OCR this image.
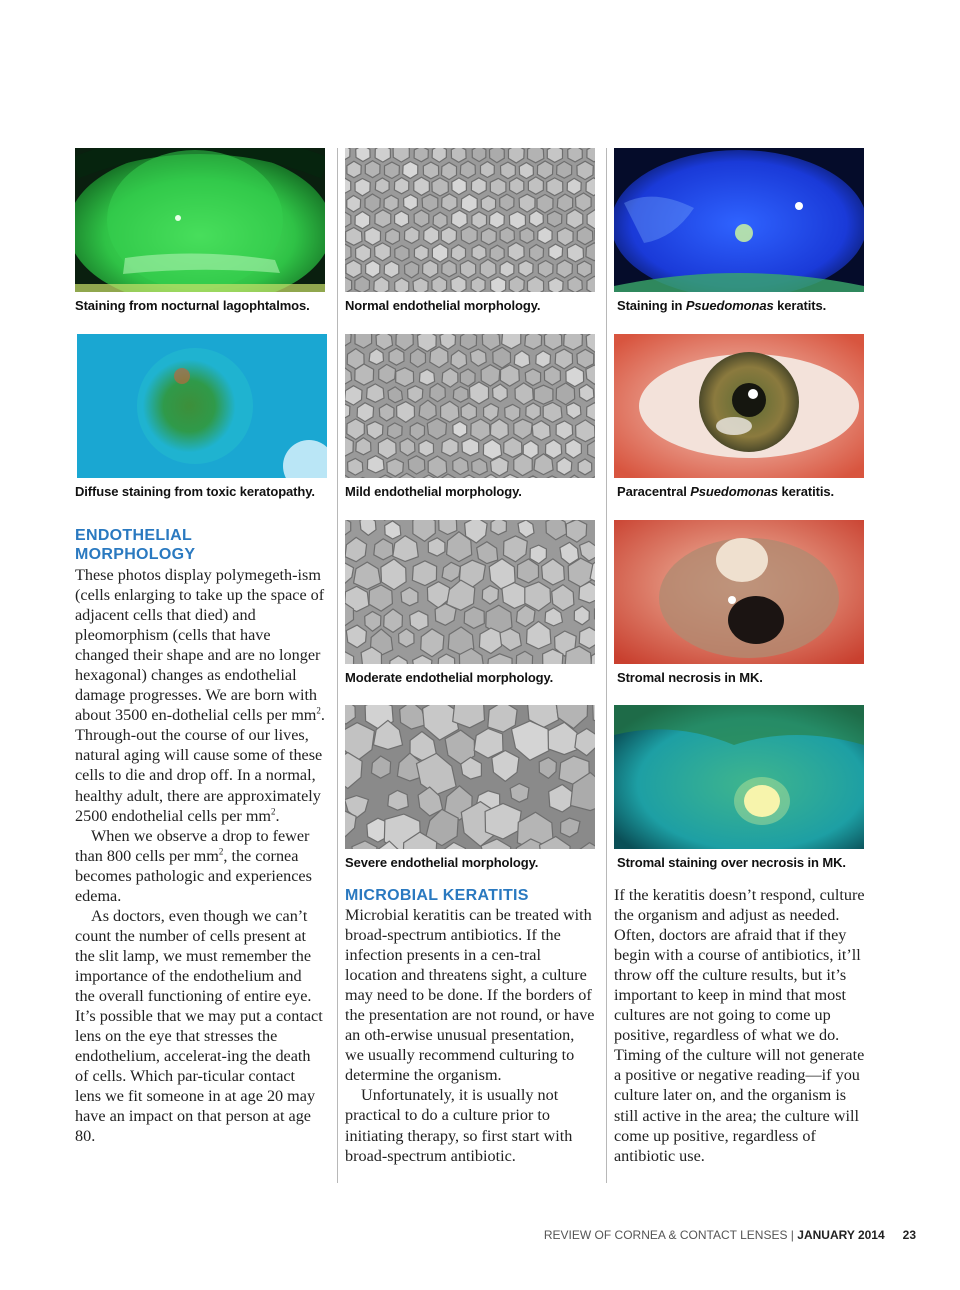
Staining from nocturnal lagophtalmos.	Normal endothelial morphology.	Staining in Psuedomonas keratits.
Diffuse staining from toxic keratopathy. Mild endothelial morphology.	Paracentral Psuedomonas keratitis.
Moderate endothelial morphology.	Stromal necrosis in MK.
Severe endothelial morphology.	Stromal staining over necrosis in MK.
ENDOTHELIAL
MORPHOLOGY

These photos display polymegeth-ism (cells enlarging to take up the space of adjacent cells that died) and pleomorphism (cells that have changed their shape and are no longer hexagonal) changes as endothelial damage progresses. We are born with about 3500 en-dothelial cells per $mm^2$. Through-out the course of our lives, natural aging will cause some of these cells to die and drop off. In a normal, healthy adult, there are approximately 2500 endothelial cells per $mm^2$.

When we observe a drop to fewer than 800 cells per $mm^2$, the cornea becomes pathologic and experiences edema.

As doctors, even though we can’t count the number of cells present at the slit lamp, we must remember the importance of the endothelium and the overall functioning of entire eye. It’s possible that we may put a contact lens on the eye that stresses the endothelium, accelerat-ing the death of cells. Which par-ticular contact lens we fit someone in at age 20 may have an impact on that person at age 80.

MICROBIAL KERATITIS

Microbial keratitis can be treated with broad-spectrum antibiotics. If the infection presents in a cen-tral location and threatens sight, a culture may need to be done. If the borders of the presentation are not round, or have an oth-erwise unusual presentation, we usually recommend culturing to determine the organism.

Unfortunately, it is usually not practical to do a culture prior to initiating therapy, so first start with broad-spectrum antibiotic.

If the keratitis doesn’t respond, culture the organism and adjust as needed. Often, doctors are afraid that if they begin with a course of antibiotics, it’ll throw off the culture results, but it’s important to keep in mind that most cultures are not going to come up positive, regardless of what we do. Timing of the culture will not generate a positive or negative reading—if you culture later on, and the organism is still active in the area; the culture will come up positive, regardless of antibiotic use.

REVIEW OF CORNEA & CONTACT LENSES | JANUARY 2014 23
